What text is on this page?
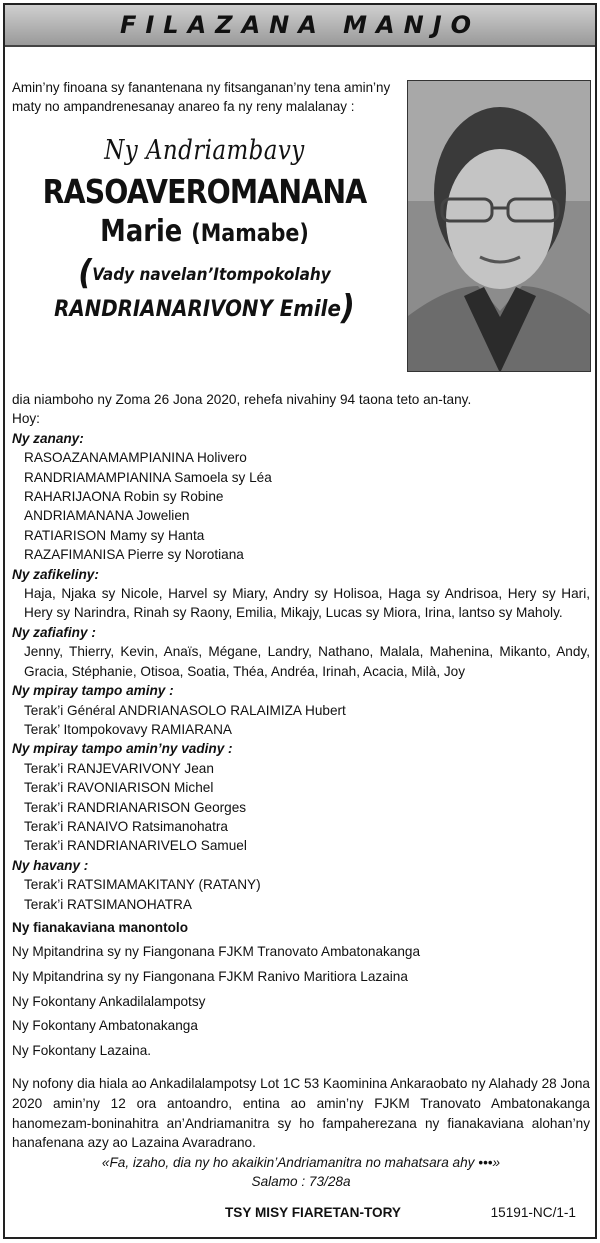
FILAZANA MANJO

Amin’ny finoana sy fanantenana ny fitsanganan’ny tena amin’ny maty no ampandrenesanay anareo fa ny reny malalanay :

Ny Andriambavy
RASOAVEROMANANA
Marie (Mamabe)
(Vady navelan’Itompokolahy
RANDRIANARIVONY Emile)

dia niamboho ny Zoma 26 Jona 2020, rehefa nivahiny 94 taona teto an-tany.

Hoy:

Ny zanany:

RASOAZANAMAMPIANINA Holivero
RANDRIAMAMPIANINA Samoela sy Léa
RAHARIJAONA Robin sy Robine
ANDRIAMANANA Jowelien
RATIARISON Mamy sy Hanta
RAZAFIMANISA Pierre sy Norotiana

Ny zafikeliny:

Haja, Njaka sy Nicole, Harvel sy Miary, Andry sy Holisoa, Haga sy Andrisoa, Hery sy Hari, Hery sy Narindra, Rinah sy Raony, Emilia, Mikajy, Lucas sy Miora, Irina, lantso sy Maholy.

Ny zafiafiny :

Jenny, Thierry, Kevin, Anaïs, Mégane, Landry, Nathano, Malala, Mahenina, Mikanto, Andy, Gracia, Stéphanie, Otisoa, Soatia, Théa, Andréa, Irinah, Acacia, Milà, Joy

Ny mpiray tampo aminy :

Terak’i Général ANDRIANASOLO RALAIMIZA Hubert
Terak’ Itompokovavy RAMIARANA

Ny mpiray tampo amin’ny vadiny :

Terak’i RANJEVARIVONY Jean
Terak’i RAVONIARISON Michel
Terak’i RANDRIANARISON Georges
Terak’i RANAIVO Ratsimanohatra
Terak’i RANDRIANARIVELO Samuel

Ny havany :

Terak’i RATSIMAMAKITANY (RATANY)
Terak’i RATSIMANOHATRA

Ny fianakaviana manontolo

Ny Mpitandrina sy ny Fiangonana FJKM Tranovato Ambatonakanga

Ny Mpitandrina sy ny Fiangonana FJKM Ranivo Maritiora Lazaina

Ny Fokontany Ankadilalampotsy

Ny Fokontany Ambatonakanga

Ny Fokontany Lazaina.

Ny nofony dia hiala ao Ankadilalampotsy Lot 1C 53 Kaominina Ankaraobato ny Alahady 28 Jona 2020 amin’ny 12 ora antoandro, entina ao amin’ny FJKM Tranovato Ambatonakanga hanomezam-boninahitra an’Andriamanitra sy ho fampaherezana ny fianakaviana alohan’ny hanafenana azy ao Lazaina Avaradrano.

«Fa, izaho, dia ny ho akaikin’Andriamanitra no mahatsara ahy •••»

Salamo : 73/28a

TSY MISY FIARETAN-TORY	15191-NC/1-1
